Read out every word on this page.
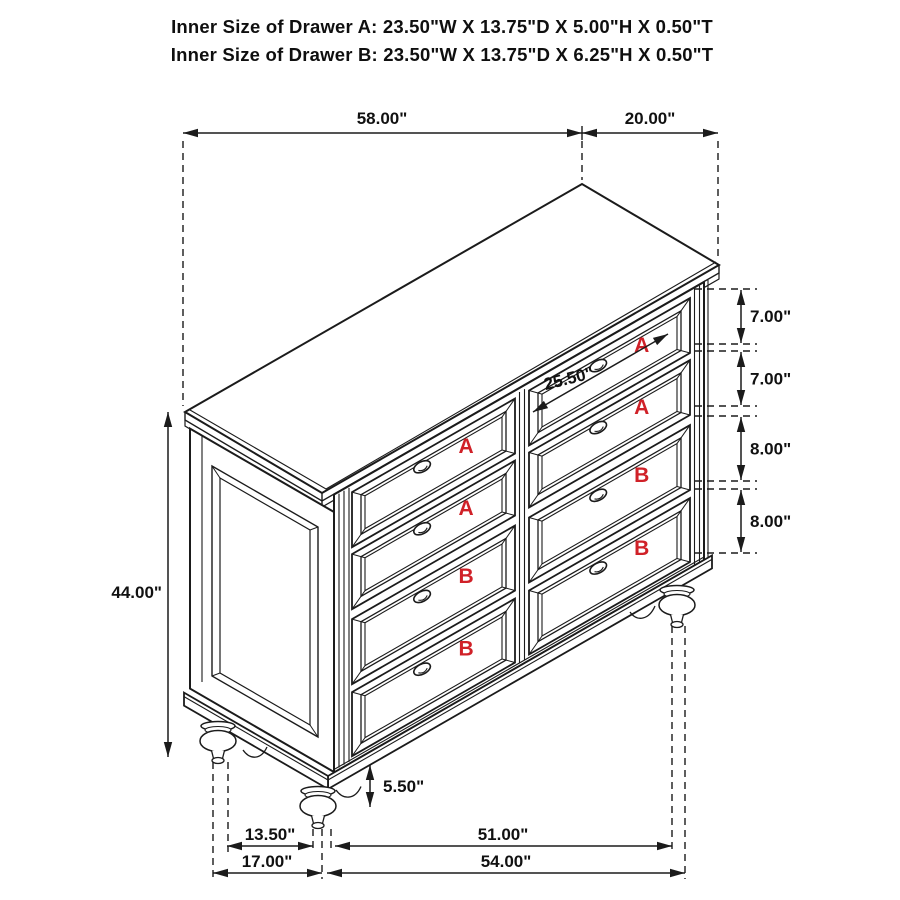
Inner Size of Drawer A: 23.50"W X 13.75"D X 5.00"H X 0.50"T
Inner Size of Drawer B: 23.50"W X 13.75"D X 6.25"H X 0.50"T
A
A
B
B
A
A
B
B
58.00"	20.00"
44.00"
7.00"
7.00"
8.00"
8.00"
5.50"
13.50"	51.00"
17.00"	54.00"
25.50"
